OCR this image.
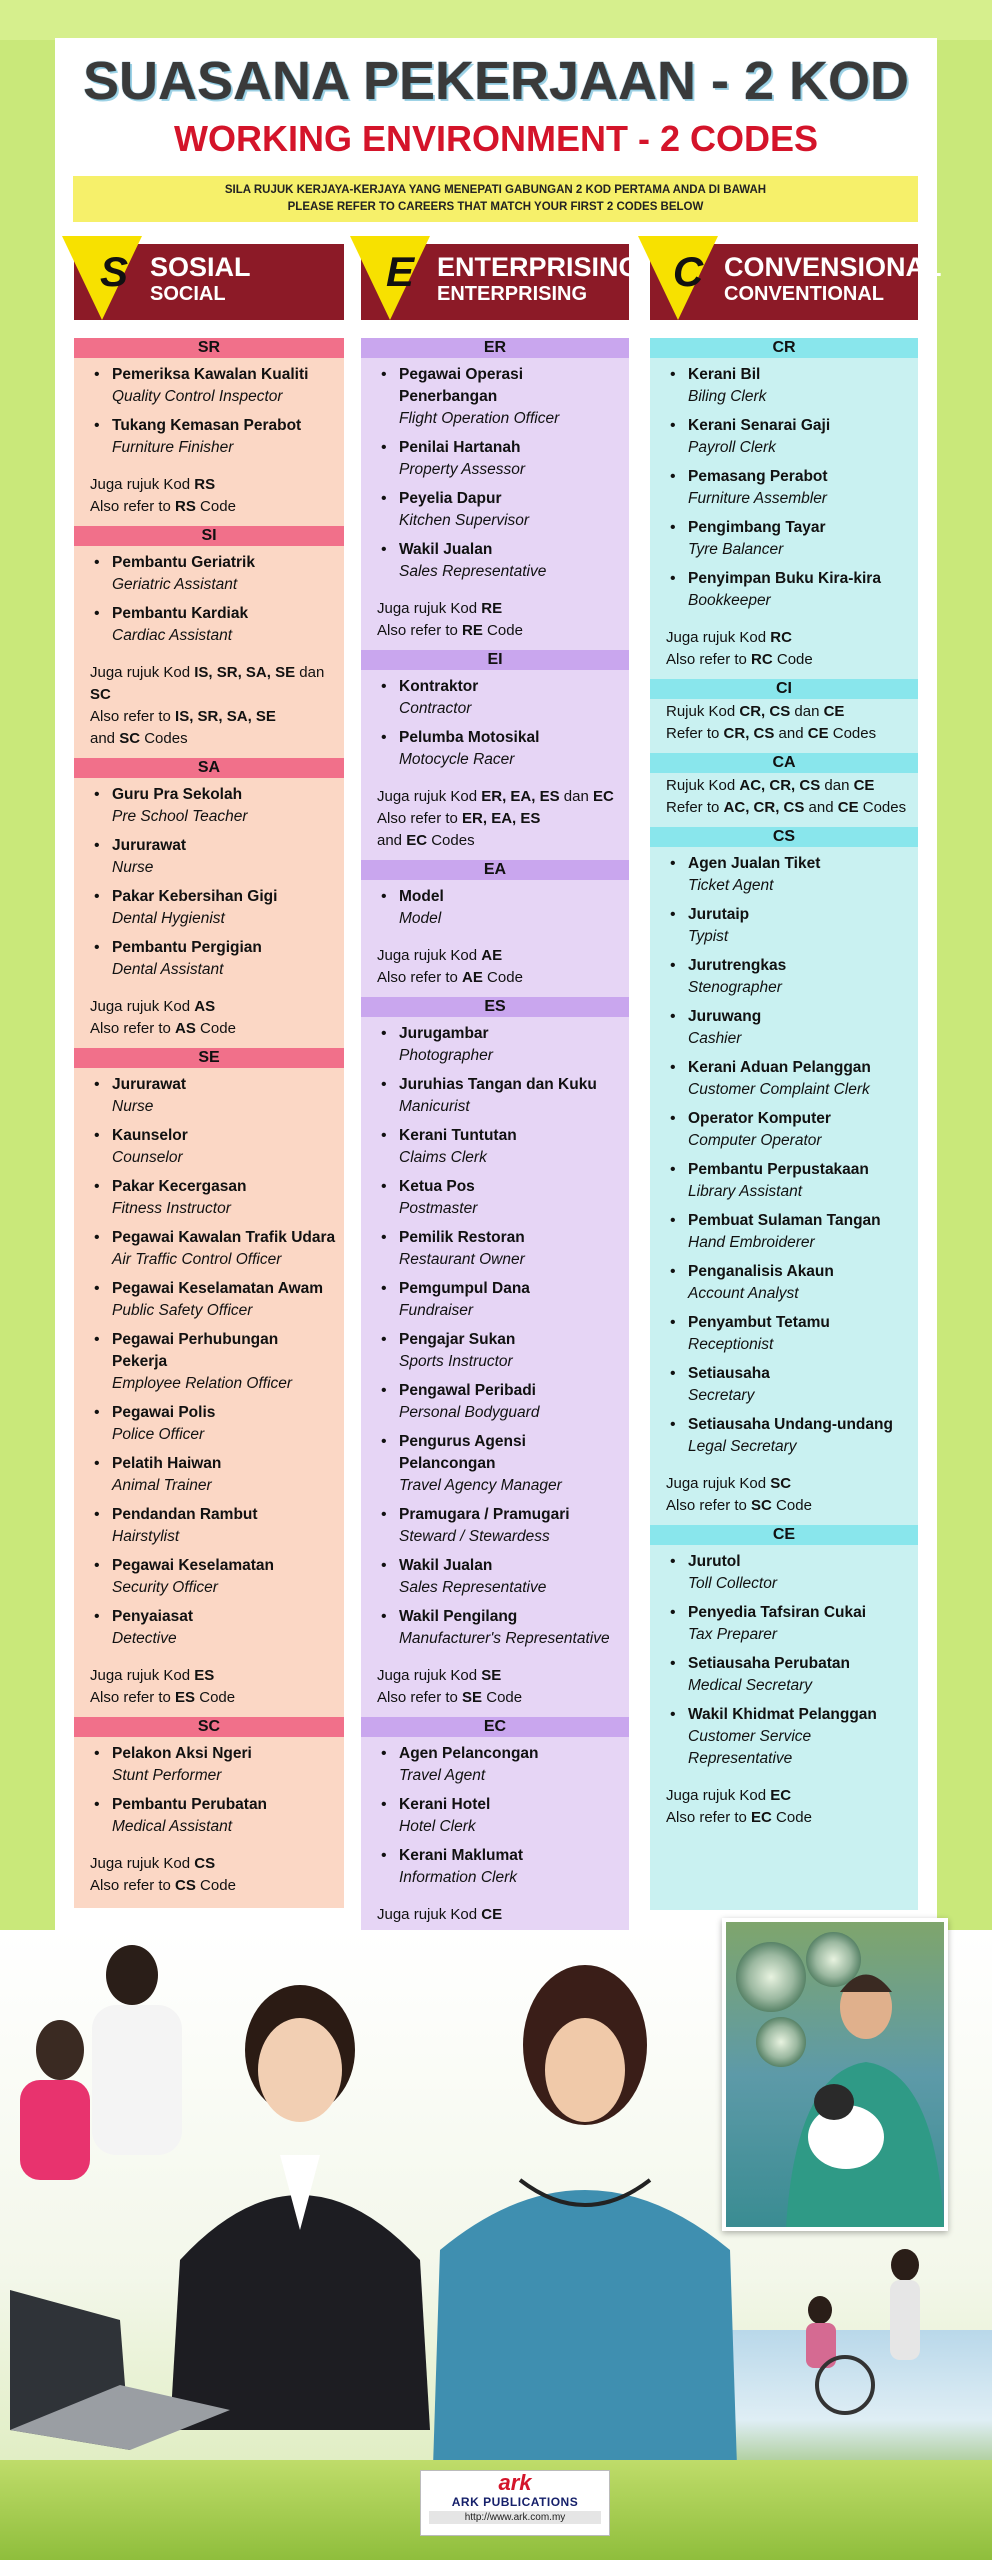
SUASANA PEKERJAAN - 2 KOD
WORKING ENVIRONMENT - 2 CODES
SILA RUJUK KERJAYA-KERJAYA YANG MENEPATI GABUNGAN 2 KOD PERTAMA ANDA DI BAWAH
PLEASE REFER TO CAREERS THAT MATCH YOUR FIRST 2 CODES BELOW
S SOSIAL
SOCIAL	E ENTERPRISING
ENTERPRISING	C CONVENSIONAL
CONVENTIONAL
SR
• Pemeriksa Kawalan Kualiti
Quality Control Inspector
• Tukang Kemasan Perabot
Furniture Finisher
Juga rujuk Kod RS
Also refer to RS Code
SI
• Pembantu Geriatrik
Geriatric Assistant
• Pembantu Kardiak
Cardiac Assistant
Juga rujuk Kod IS, SR, SA, SE dan SC
Also refer to IS, SR, SA, SE
and SC Codes
SA
• Guru Pra Sekolah
Pre School Teacher
• Jururawat
Nurse
• Pakar Kebersihan Gigi
Dental Hygienist
• Pembantu Pergigian
Dental Assistant
Juga rujuk Kod AS
Also refer to AS Code
SE
• Jururawat
Nurse
• Kaunselor
Counselor
• Pakar Kecergasan
Fitness Instructor
• Pegawai Kawalan Trafik Udara
Air Traffic Control Officer
• Pegawai Keselamatan Awam
Public Safety Officer
• Pegawai Perhubungan Pekerja
Employee Relation Officer
• Pegawai Polis
Police Officer
• Pelatih Haiwan
Animal Trainer
• Pendandan Rambut
Hairstylist
• Pegawai Keselamatan
Security Officer
• Penyaiasat
Detective
Juga rujuk Kod ES
Also refer to ES Code
SC
• Pelakon Aksi Ngeri
Stunt Performer
• Pembantu Perubatan
Medical Assistant
Juga rujuk Kod CS
Also refer to CS Code
ER
• Pegawai Operasi Penerbangan
Flight Operation Officer
• Penilai Hartanah
Property Assessor
• Peyelia Dapur
Kitchen Supervisor
• Wakil Jualan
Sales Representative
Juga rujuk Kod RE
Also refer to RE Code
EI
• Kontraktor
Contractor
• Pelumba Motosikal
Motocycle Racer
Juga rujuk Kod ER, EA, ES dan EC
Also refer to ER, EA, ES
and EC Codes
EA
• Model
Model
Juga rujuk Kod AE
Also refer to AE Code
ES
• Jurugambar
Photographer
• Juruhias Tangan dan Kuku
Manicurist
• Kerani Tuntutan
Claims Clerk
• Ketua Pos
Postmaster
• Pemilik Restoran
Restaurant Owner
• Pemgumpul Dana
Fundraiser
• Pengajar Sukan
Sports Instructor
• Pengawal Peribadi
Personal Bodyguard
• Pengurus Agensi Pelancongan
Travel Agency Manager
• Pramugara / Pramugari
Steward / Stewardess
• Wakil Jualan
Sales Representative
• Wakil Pengilang
Manufacturer's Representative
Juga rujuk Kod SE
Also refer to SE Code
EC
• Agen Pelancongan
Travel Agent
• Kerani Hotel
Hotel Clerk
• Kerani Maklumat
Information Clerk
Juga rujuk Kod CE
CR
• Kerani Bil
Biling Clerk
• Kerani Senarai Gaji
Payroll Clerk
• Pemasang Perabot
Furniture Assembler
• Pengimbang Tayar
Tyre Balancer
• Penyimpan Buku Kira-kira
Bookkeeper
Juga rujuk Kod RC
Also refer to RC Code
CI
Rujuk Kod CR, CS dan CE
Refer to CR, CS and CE Codes
CA
Rujuk Kod AC, CR, CS dan CE
Refer to AC, CR, CS and CE Codes
CS
• Agen Jualan Tiket
Ticket Agent
• Jurutaip
Typist
• Jurutrengkas
Stenographer
• Juruwang
Cashier
• Kerani Aduan Pelanggan
Customer Complaint Clerk
• Operator Komputer
Computer Operator
• Pembantu Perpustakaan
Library Assistant
• Pembuat Sulaman Tangan
Hand Embroiderer
• Penganalisis Akaun
Account Analyst
• Penyambut Tetamu
Receptionist
• Setiausaha
Secretary
• Setiausaha Undang-undang
Legal Secretary
Juga rujuk Kod SC
Also refer to SC Code
CE
• Jurutol
Toll Collector
• Penyedia Tafsiran Cukai
Tax Preparer
• Setiausaha Perubatan
Medical Secretary
• Wakil Khidmat Pelanggan
Customer Service Representative
Juga rujuk Kod EC
Also refer to EC Code
ark
ARK PUBLICATIONS
http://www.ark.com.my
